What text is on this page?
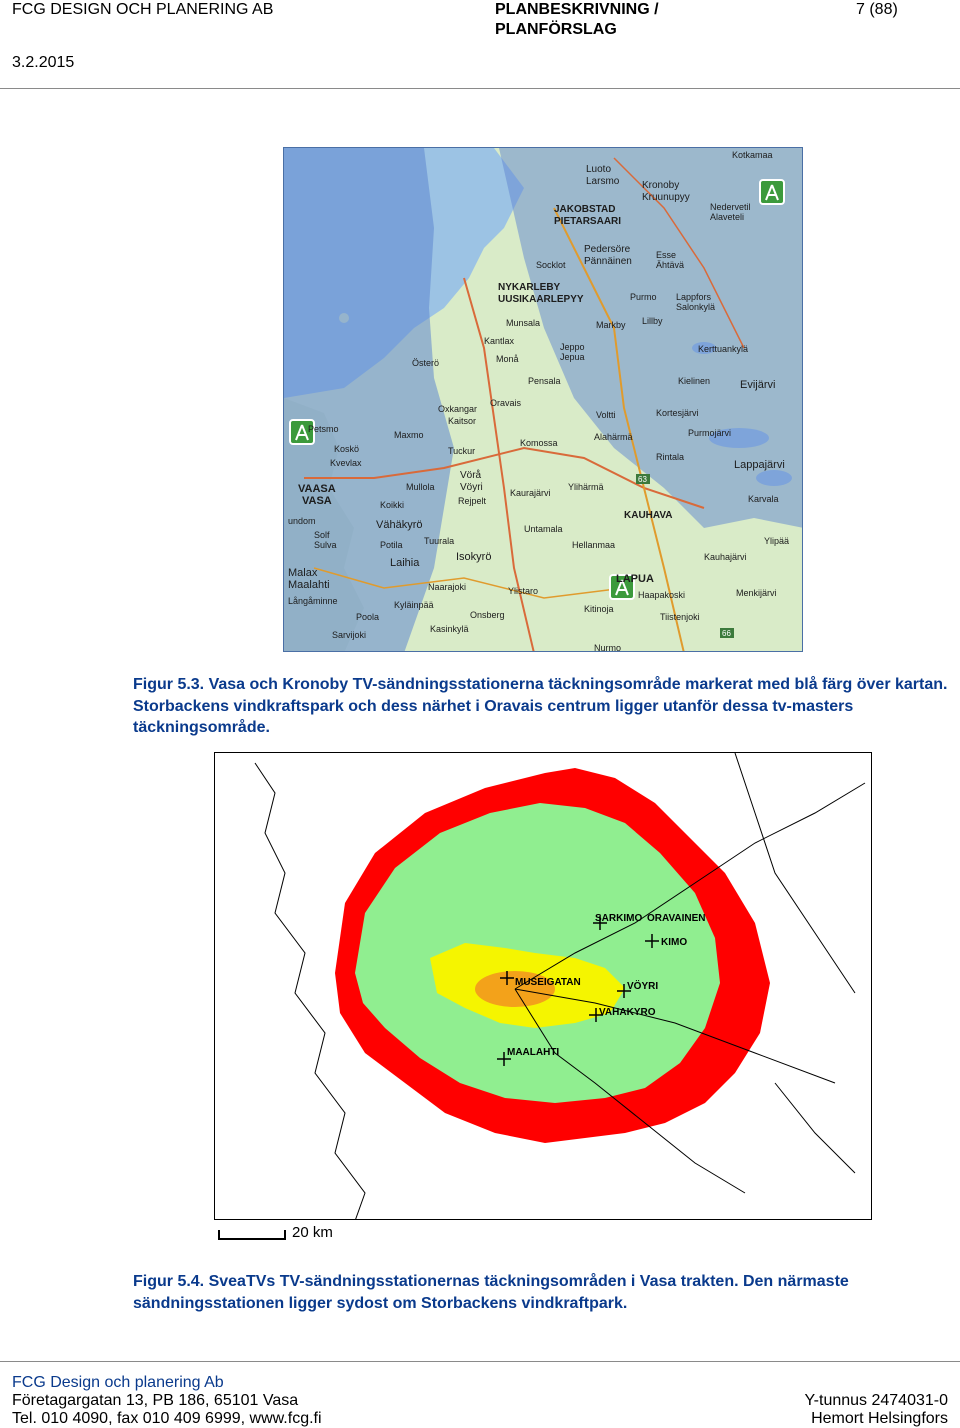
FCG DESIGN OCH PLANERING AB
3.2.2015
PLANBESKRIVNING /
PLANFÖRSLAG
7 (88)
Luoto
Larsmo Kronoby
Kruunupyy
Kotkamaa
JAKOBSTAD
PIETARSAARI
Nedervetil
Alaveteli
Esse
Ähtävä
Pedersöre
Pännäinen
Socklot
NYKARLEBY
UUSIKAARLEPYY	Purmo Lappfors
Salonkylä
Munsala	Markby Lillby
Kantlax
Jeppo
Jepua
Kerttuankylä
Österö	Monå
Pensala	Kielinen	Evijärvi
Oravais
Oxkangar
Kaitsor
Voltti	Kortesjärvi
Petsmo
Maxmo
Komossa
Alahärmä	Purmojärvi
Koskö	Tuckur
Rintala
Kvevlax
Vörå
Vöyri	Ylihärmä
Lappajärvi
VAASA
VASA
Mullola
Rejpelt
Kaurajärvi
Koikki
Vähäkyrö
KAUHAVA
Karvala
Untamala
undom
Solf
Sulva	Potila Tuurala	Hellanmaa
Laihia	Isokyrö	Kauhajärvi
Ylipää
Malax
Maalahti	Naarajoki
LAPUA
Haapakoski	Menkijärvi
Långåminne	Kyläinpää
Ylistaro
Poola	Onsberg
Kitinoja
Tiistenjoki
Sarvijoki
Kasinkylä
Nurmo
63
66
Figur 5.3. Vasa och Kronoby TV-sändningsstationerna täckningsområde markerat med blå färg över kartan. Storbackens vindkraftspark och dess närhet i Oravais centrum ligger utanför dessa tv-masters täckningsområde.
SARKIMO ORAVAINEN
KIMO
MUSEIGATAN	VÖYRI
VAHAKYRO
MAALAHTI
20 km
Figur 5.4. SveaTVs TV-sändningsstationernas täckningsområden i Vasa trakten. Den närmaste sändningsstationen ligger sydost om Storbackens vindkraftpark.
FCG Design och planering Ab
Företagargatan 13, PB 186, 65101 Vasa
Tel. 010 4090, fax 010 409 6999, www.fcg.fi
Y-tunnus 2474031-0
Hemort Helsingfors
